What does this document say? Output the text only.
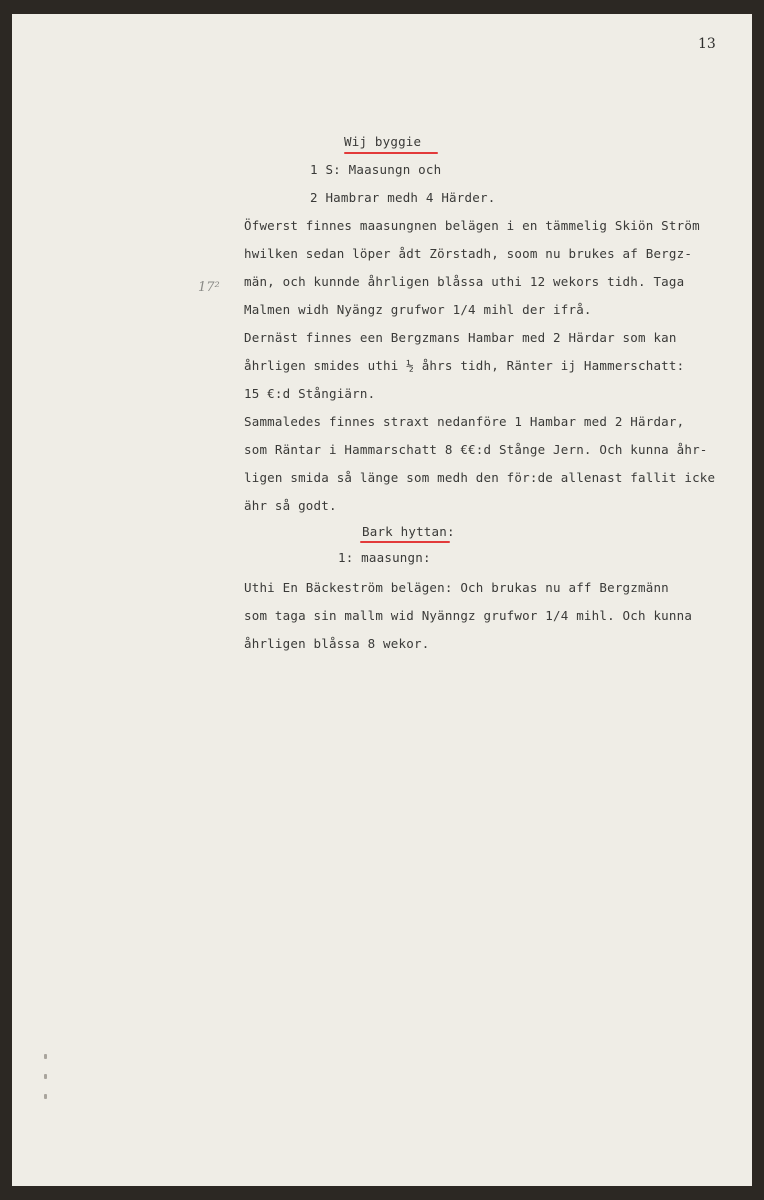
13
17²
Wij byggie
1 S: Maasungn och
2 Hambrar medh 4 Härder.
Öfwerst finnes maasungnen belägen i en tämmelig Skiön Ström
hwilken sedan löper ådt Zörstadh, soom nu brukes af Bergz-
män, och kunnde åhrligen blåssa uthi 12 wekors tidh. Taga
Malmen widh Nyängz grufwor 1/4 mihl der ifrå.
Dernäst finnes een Bergzmans Hambar med 2 Härdar som kan
åhrligen smides uthi ½ åhrs tidh, Ränter ij Hammerschatt:
15 €:d Stångiärn.
Sammaledes finnes straxt nedanföre 1 Hambar med 2 Härdar,
som Räntar i Hammarschatt 8 €€:d Stånge Jern. Och kunna åhr-
ligen smida så länge som medh den för:de allenast fallit icke
ähr så godt.
Bark hyttan:
1: maasungn:
Uthi En Bäckeström belägen: Och brukas nu aff Bergzmänn
som taga sin mallm wid Nyänngz grufwor 1/4 mihl. Och kunna
åhrligen blåssa 8 wekor.
